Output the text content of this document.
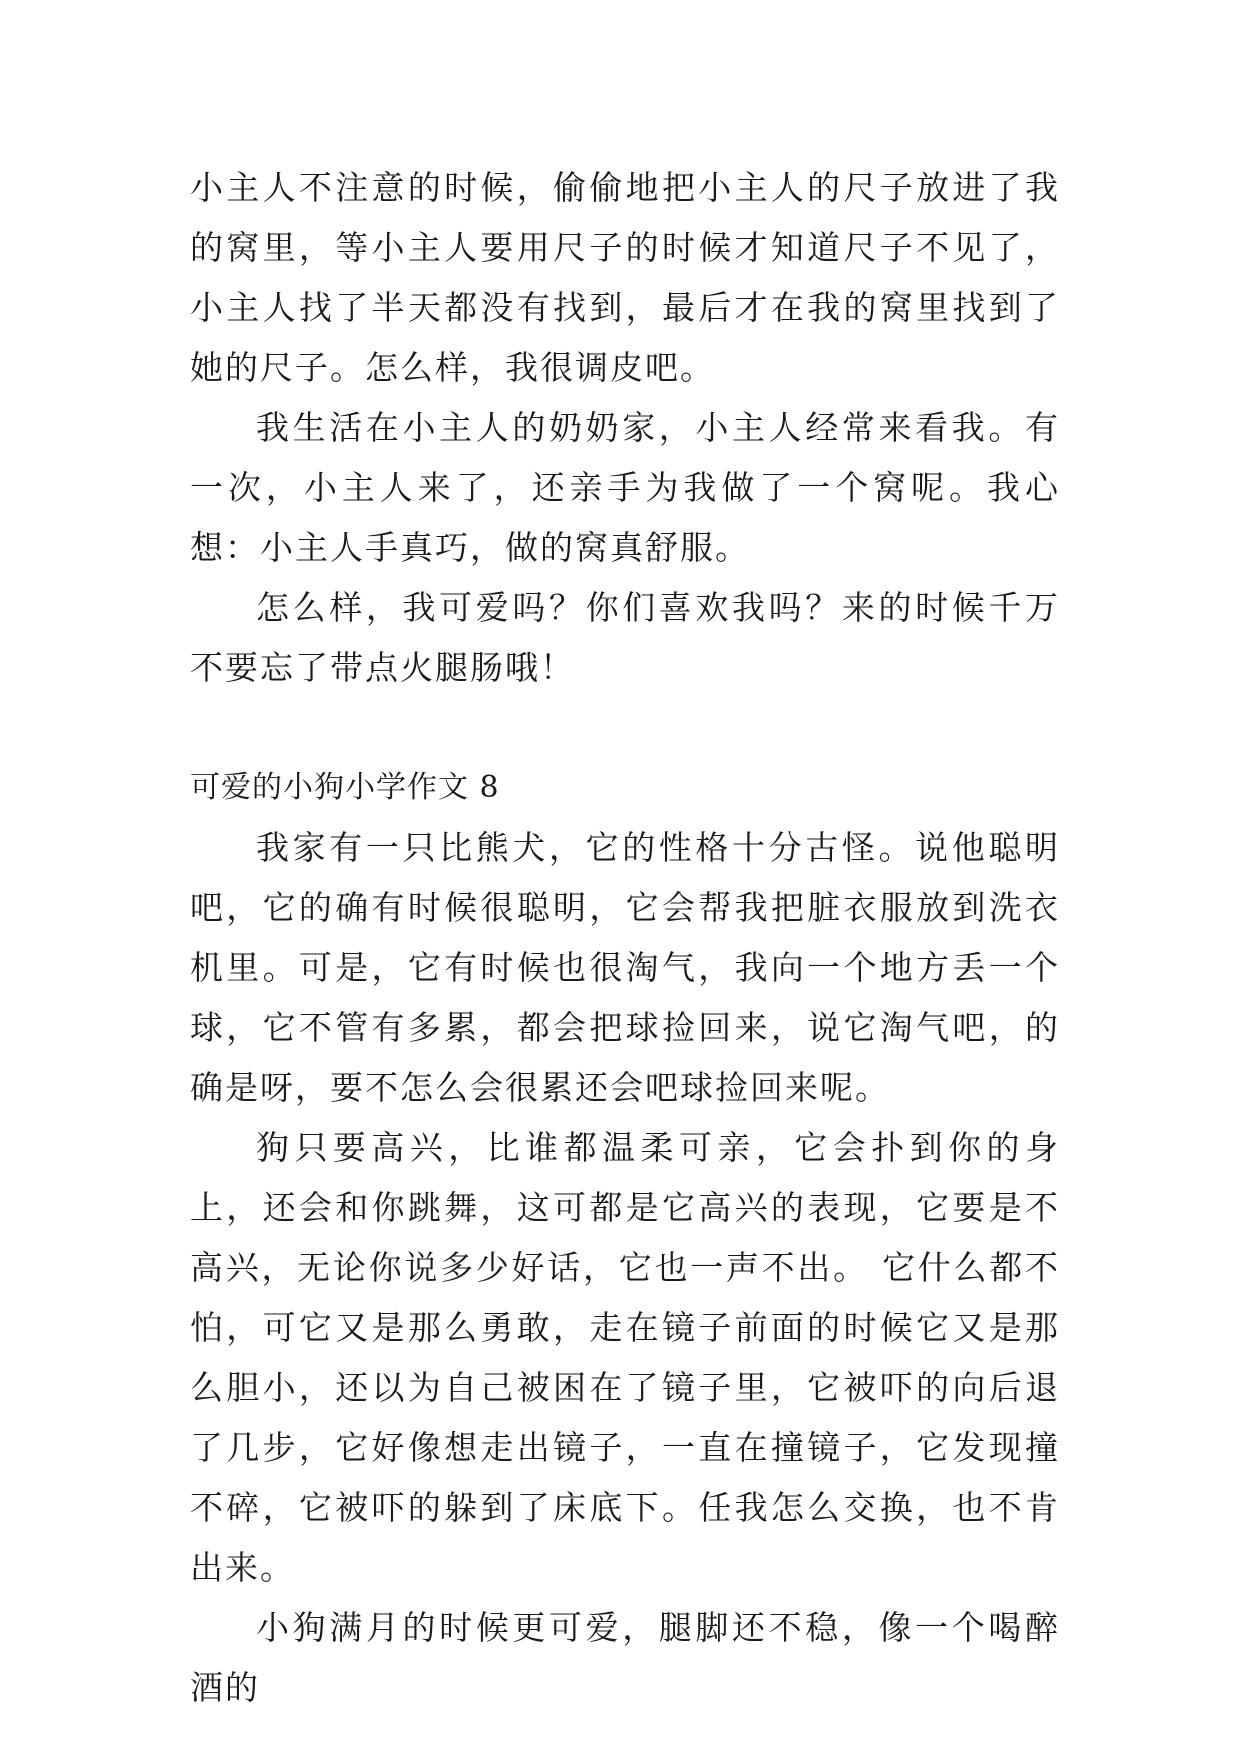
小主人不注意的时候，偷偷地把小主人的尺子放进了我的窝里，等小主人要用尺子的时候才知道尺子不见了，小主人找了半天都没有找到，最后才在我的窝里找到了她的尺子。怎么样，我很调皮吧。

我生活在小主人的奶奶家，小主人经常来看我。有一次，小主人来了，还亲手为我做了一个窝呢。我心想：小主人手真巧，做的窝真舒服。

怎么样，我可爱吗？你们喜欢我吗？来的时候千万不要忘了带点火腿肠哦！

可爱的小狗小学作文 8

我家有一只比熊犬，它的性格十分古怪。说他聪明吧，它的确有时候很聪明，它会帮我把脏衣服放到洗衣机里。可是，它有时候也很淘气，我向一个地方丢一个球，它不管有多累，都会把球捡回来，说它淘气吧，的确是呀，要不怎么会很累还会吧球捡回来呢。

狗只要高兴，比谁都温柔可亲，它会扑到你的身上，还会和你跳舞，这可都是它高兴的表现，它要是不高兴，无论你说多少好话，它也一声不出。 它什么都不怕，可它又是那么勇敢，走在镜子前面的时候它又是那么胆小，还以为自己被困在了镜子里，它被吓的向后退了几步，它好像想走出镜子，一直在撞镜子，它发现撞不碎，它被吓的躲到了床底下。任我怎么交换，也不肯出来。

小狗满月的时候更可爱，腿脚还不稳，像一个喝醉酒的
